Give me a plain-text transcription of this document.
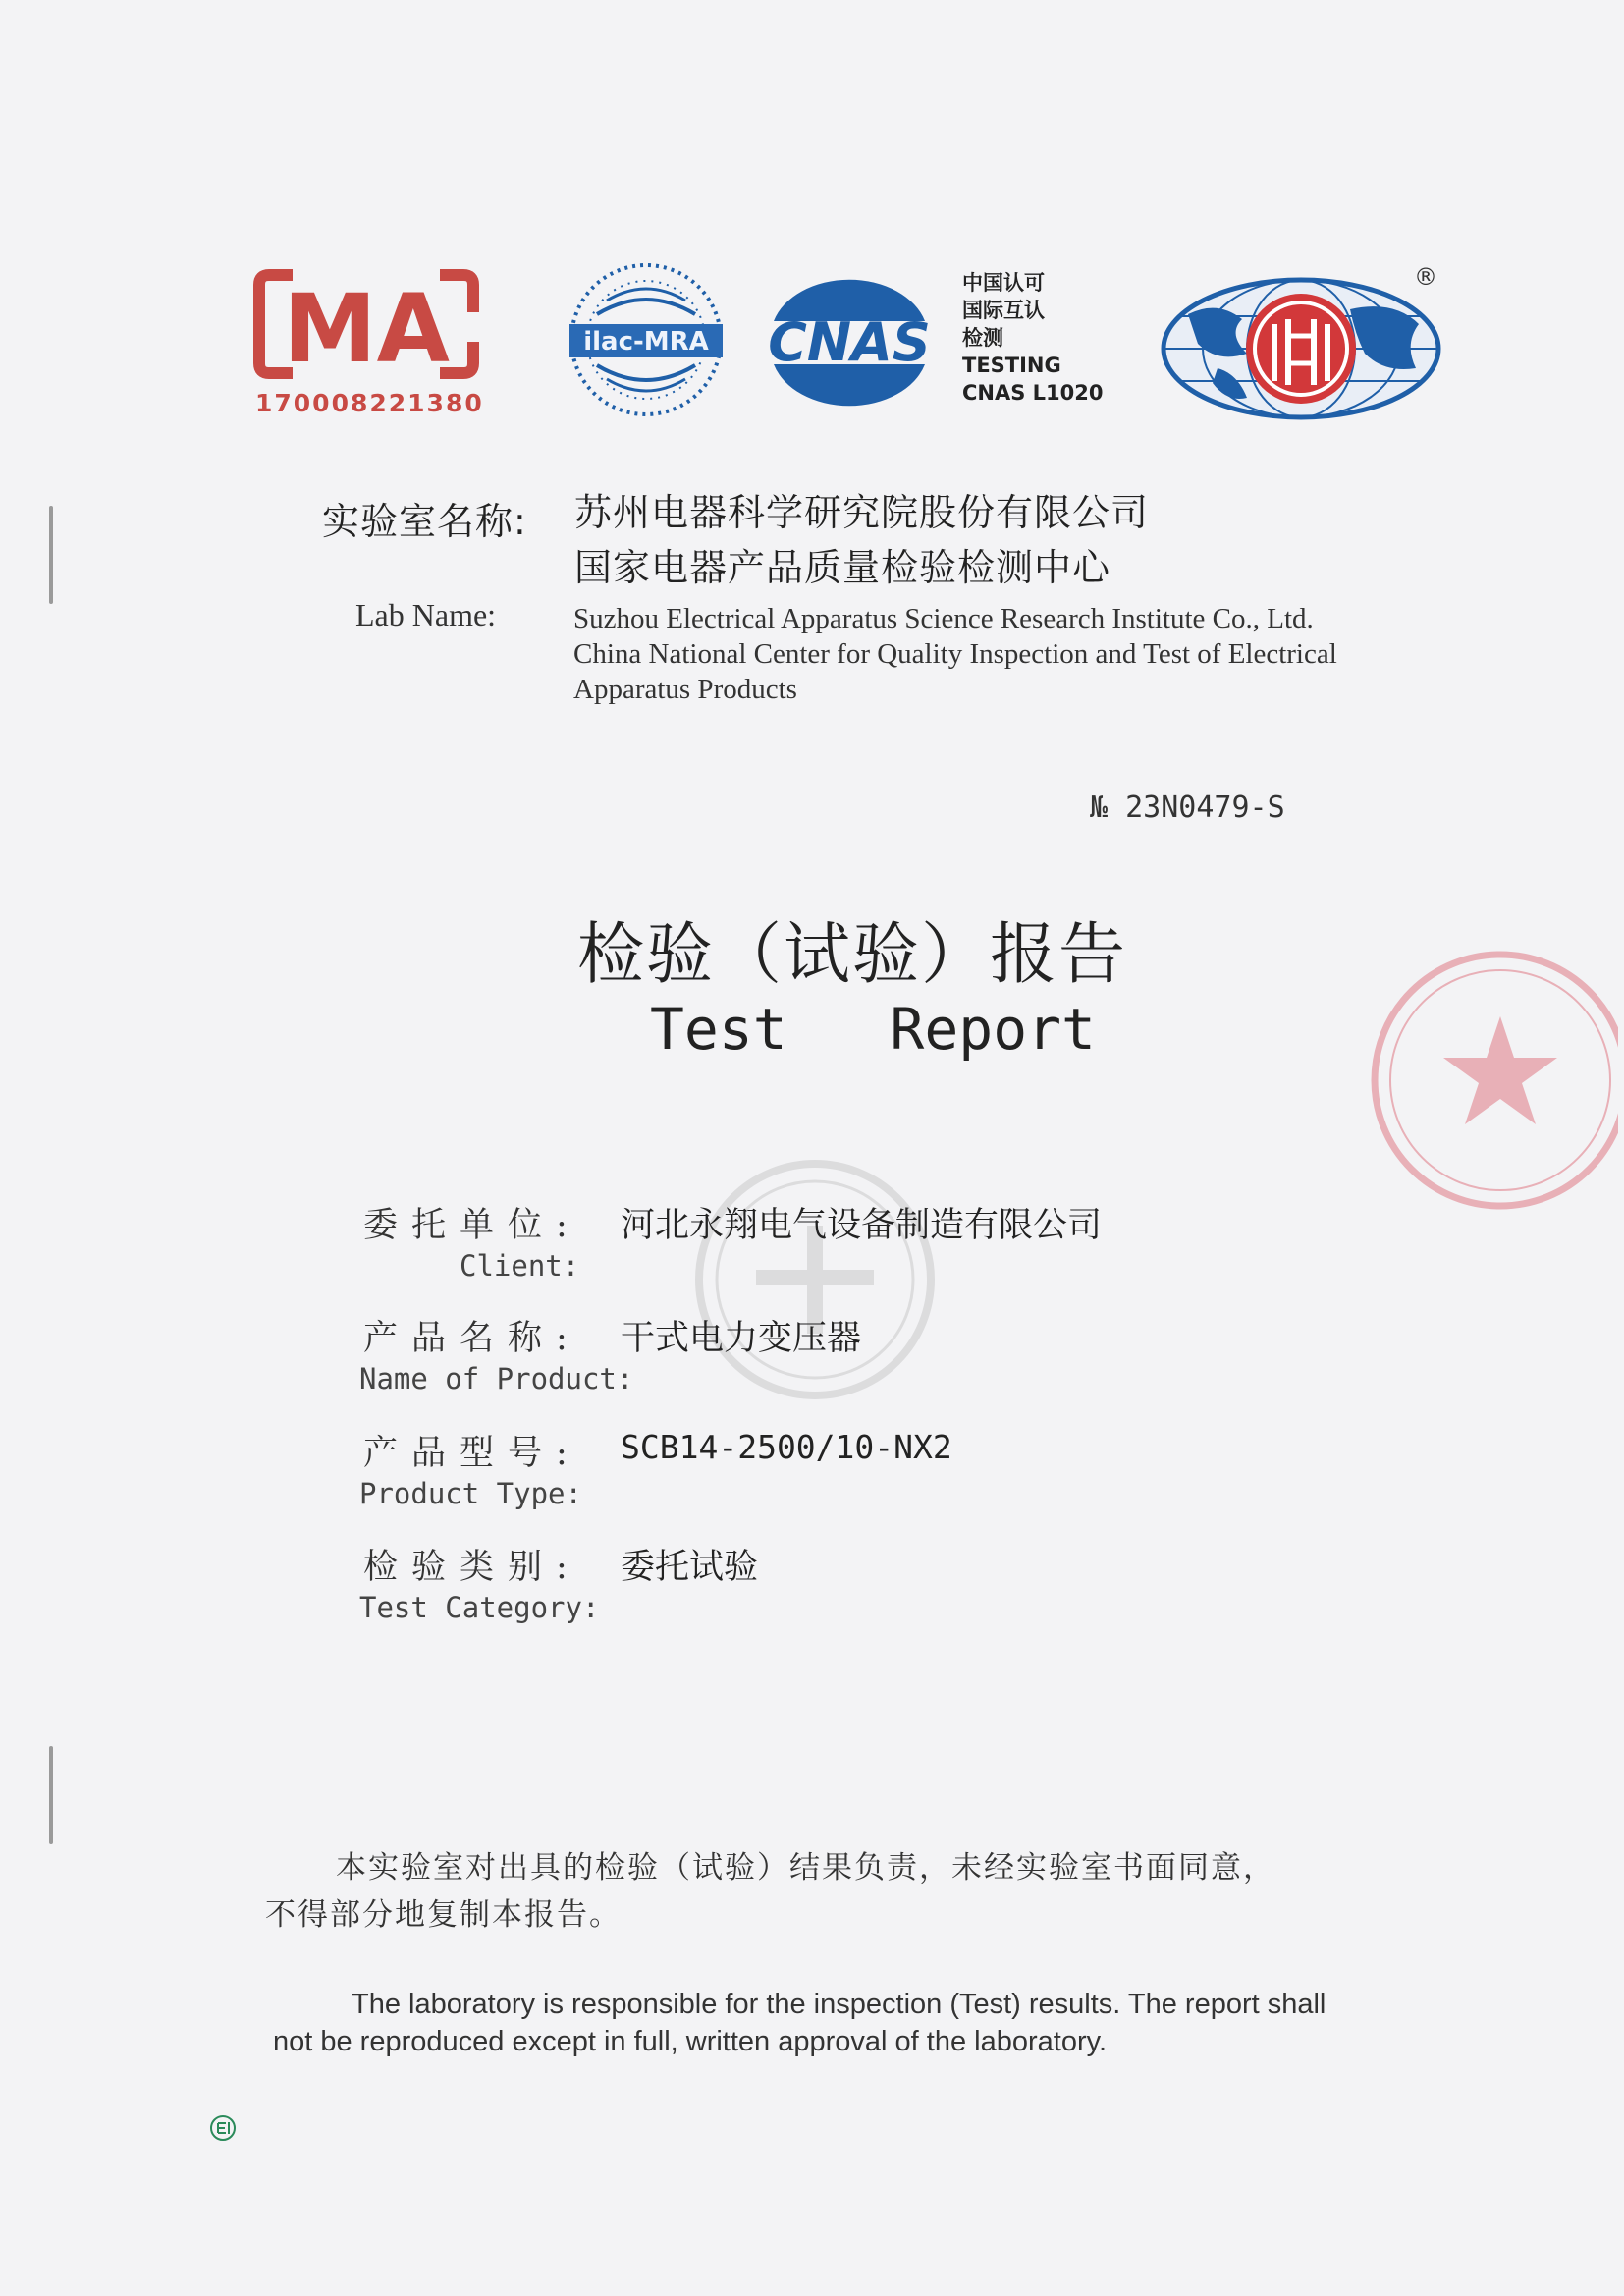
MA
170008221380
ilac-MRA CNAS
中国认可
国际互认
检测
TESTING
CNAS L1020
®
实验室名称: 苏州电器科学研究院股份有限公司
国家电器产品质量检验检测中心
Lab Name:	Suzhou Electrical Apparatus Science Research Institute Co., Ltd.
China National Center for Quality Inspection and Test of Electrical
Apparatus Products
№ 23N0479-S
检验（试验）报告
Test   Report
委托单位: 河北永翔电气设备制造有限公司
Client:
产品名称: 干式电力变压器
Name of Product:
产品型号: SCB14-2500/10-NX2
Product Type:
检验类别: 委托试验
Test Category:
本实验室对出具的检验（试验）结果负责，未经实验室书面同意，
不得部分地复制本报告。
The laboratory is responsible for the inspection (Test) results. The report shall
not be reproduced except in full, written approval of the laboratory.
